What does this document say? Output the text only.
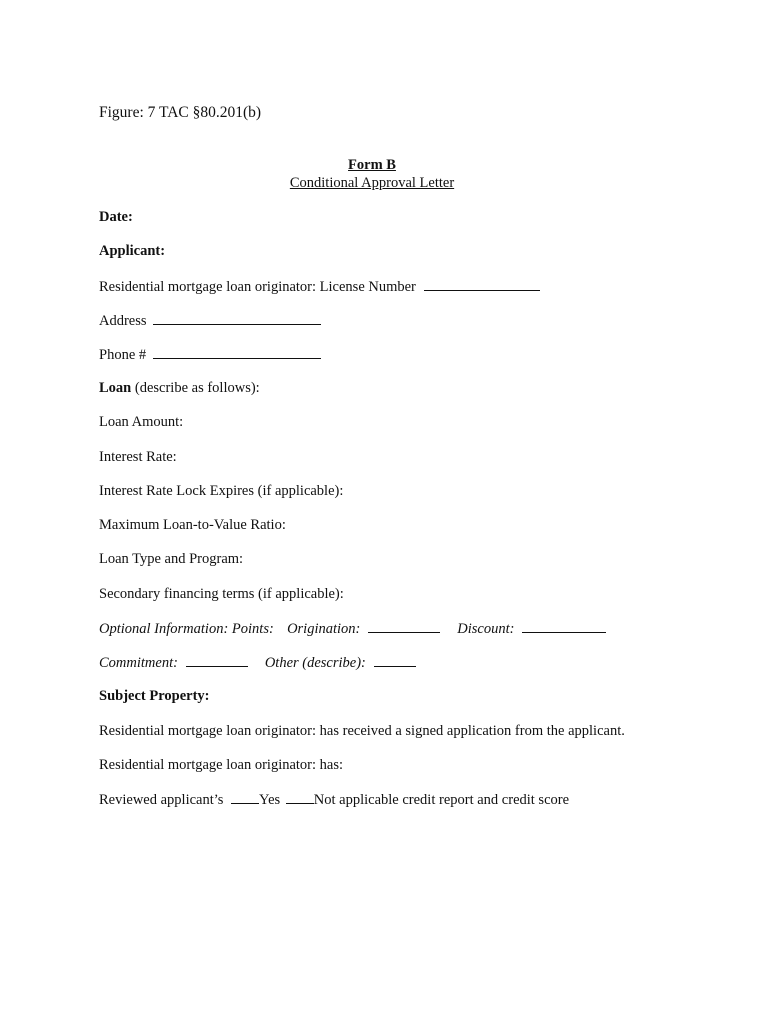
Figure: 7 TAC §80.201(b)
Form B
Conditional Approval Letter
Date:
Applicant:
Residential mortgage loan originator: License Number
Address
Phone #
Loan (describe as follows):
Loan Amount:
Interest Rate:
Interest Rate Lock Expires (if applicable):
Maximum Loan-to-Value Ratio:
Loan Type and Program:
Secondary financing terms (if applicable):
Optional Information: Points: Origination:	Discount:
Commitment:	Other (describe):
Subject Property:
Residential mortgage loan originator: has received a signed application from the applicant.
Residential mortgage loan originator: has:
Reviewed applicant’s Yes Not applicable credit report and credit score
